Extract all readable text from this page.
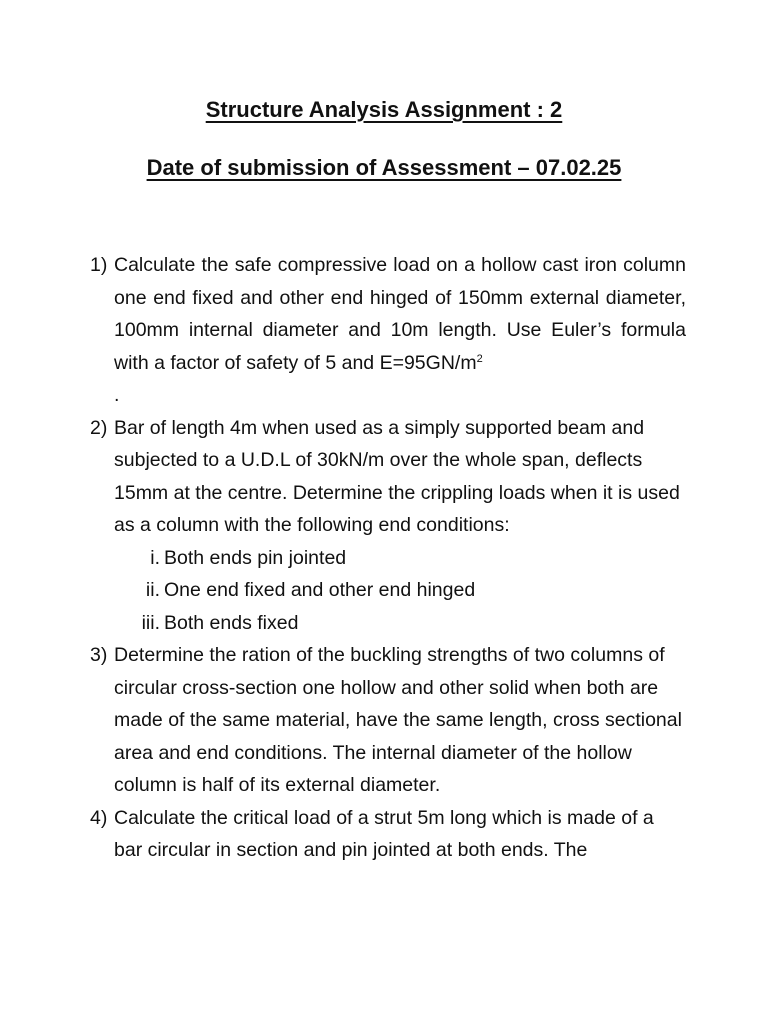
Structure Analysis Assignment : 2
Date of submission of Assessment – 07.02.25
1) Calculate the safe compressive load on a hollow cast iron column one end fixed and other end hinged of 150mm external diameter, 100mm internal diameter and 10m length. Use Euler’s formula with a factor of safety of 5 and $E=95GN/m^2$
.
2) Bar of length 4m when used as a simply supported beam and subjected to a U.D.L of 30kN/m over the whole span, deflects 15mm at the centre. Determine the crippling loads when it is used as a column with the following end conditions:
i. Both ends pin jointed
ii. One end fixed and other end hinged
iii. Both ends fixed
3) Determine the ration of the buckling strengths of two columns of circular cross-section one hollow and other solid when both are made of the same material, have the same length, cross sectional area and end conditions. The internal diameter of the hollow column is half of its external diameter.
4) Calculate the critical load of a strut 5m long which is made of a bar circular in section and pin jointed at both ends. The
